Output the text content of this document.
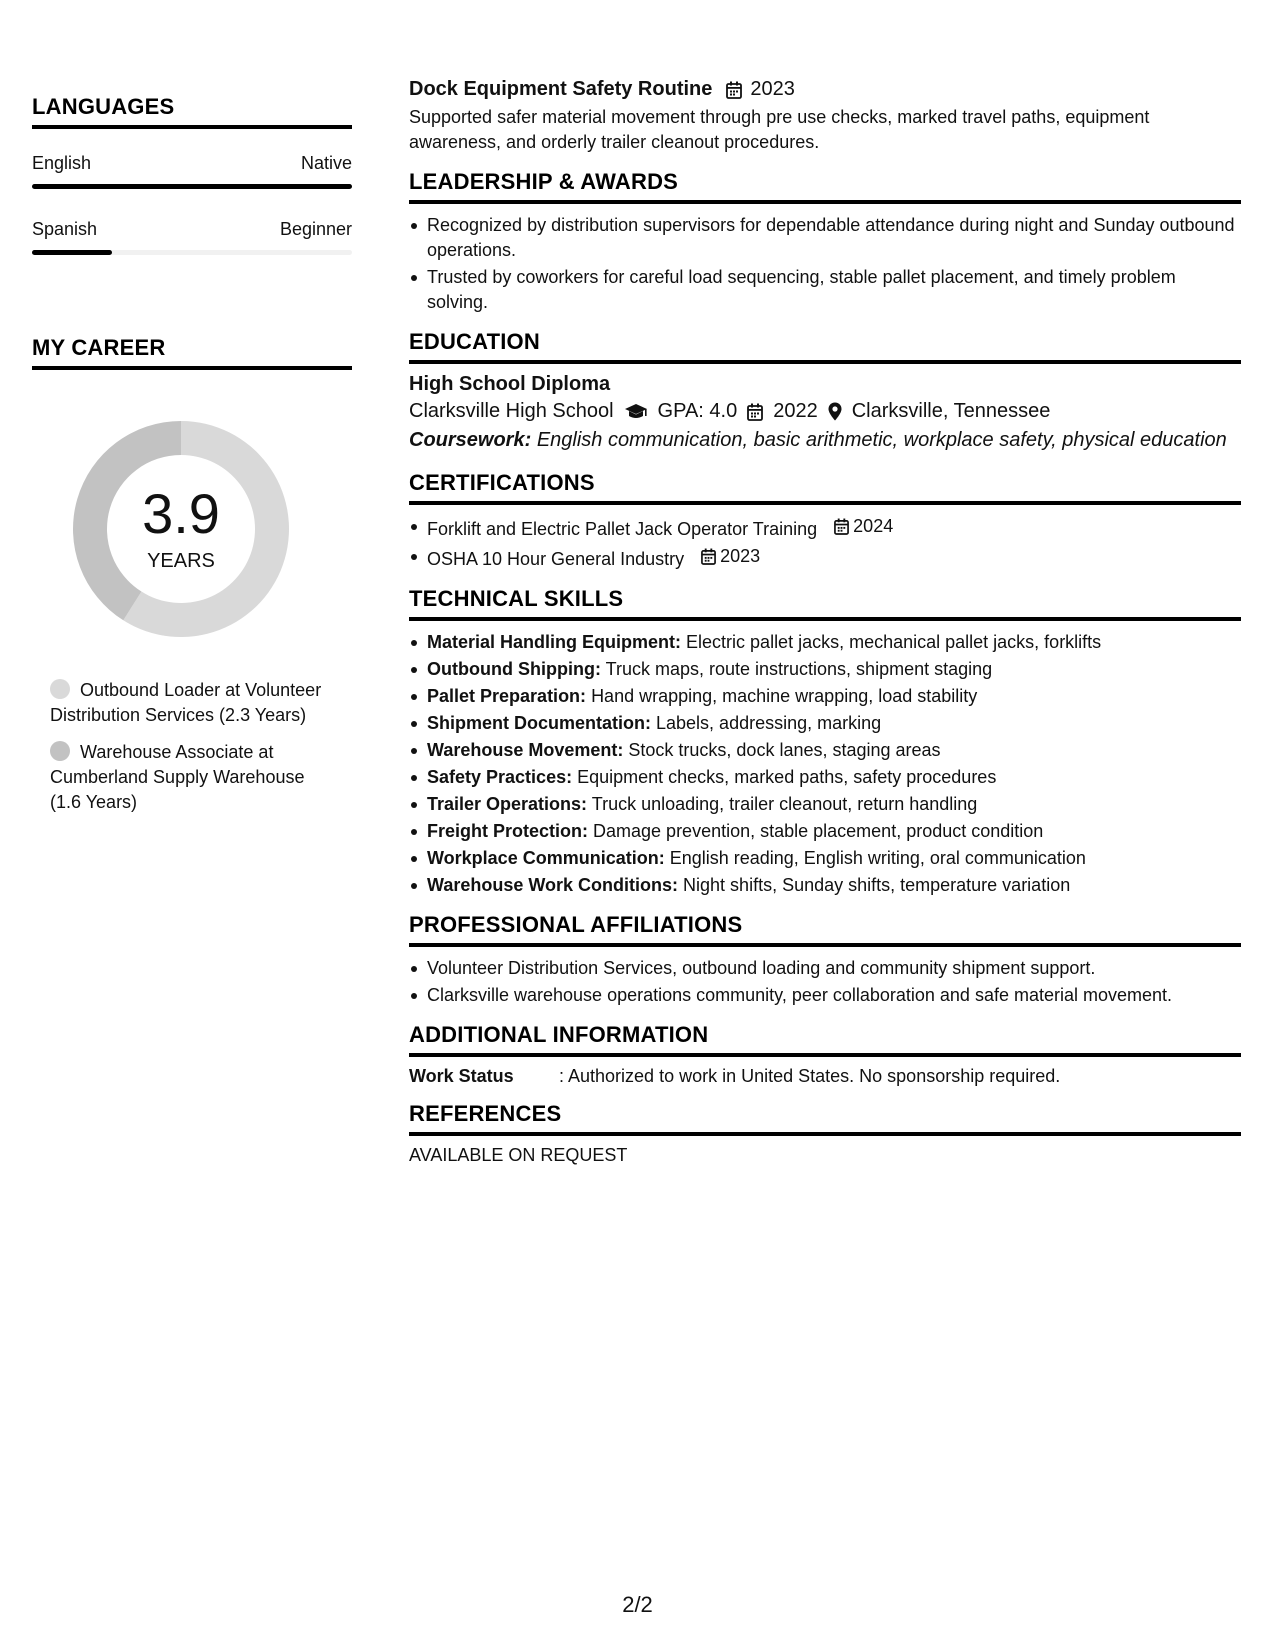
LANGUAGES
English	Native
Spanish	Beginner
MY CAREER
3.9
YEARS
Outbound Loader at Volunteer Distribution Services (2.3 Years)
Warehouse Associate at Cumberland Supply Warehouse (1.6 Years)
Dock Equipment Safety Routine 2023
Supported safer material movement through pre use checks, marked travel paths, equipment awareness, and orderly trailer cleanout procedures.
LEADERSHIP & AWARDS
Recognized by distribution supervisors for dependable attendance during night and Sunday outbound operations.
Trusted by coworkers for careful load sequencing, stable pallet placement, and timely problem solving.
EDUCATION
High School Diploma
Clarksville High School GPA: 4.0 2022 Clarksville, Tennessee
Coursework: English communication, basic arithmetic, workplace safety, physical education
CERTIFICATIONS
Forklift and Electric Pallet Jack Operator Training 2024
OSHA 10 Hour General Industry 2023
TECHNICAL SKILLS
Material Handling Equipment: Electric pallet jacks, mechanical pallet jacks, forklifts
Outbound Shipping: Truck maps, route instructions, shipment staging
Pallet Preparation: Hand wrapping, machine wrapping, load stability
Shipment Documentation: Labels, addressing, marking
Warehouse Movement: Stock trucks, dock lanes, staging areas
Safety Practices: Equipment checks, marked paths, safety procedures
Trailer Operations: Truck unloading, trailer cleanout, return handling
Freight Protection: Damage prevention, stable placement, product condition
Workplace Communication: English reading, English writing, oral communication
Warehouse Work Conditions: Night shifts, Sunday shifts, temperature variation
PROFESSIONAL AFFILIATIONS
Volunteer Distribution Services, outbound loading and community shipment support.
Clarksville warehouse operations community, peer collaboration and safe material movement.
ADDITIONAL INFORMATION
Work Status	: Authorized to work in United States. No sponsorship required.
REFERENCES
AVAILABLE ON REQUEST
2/2
